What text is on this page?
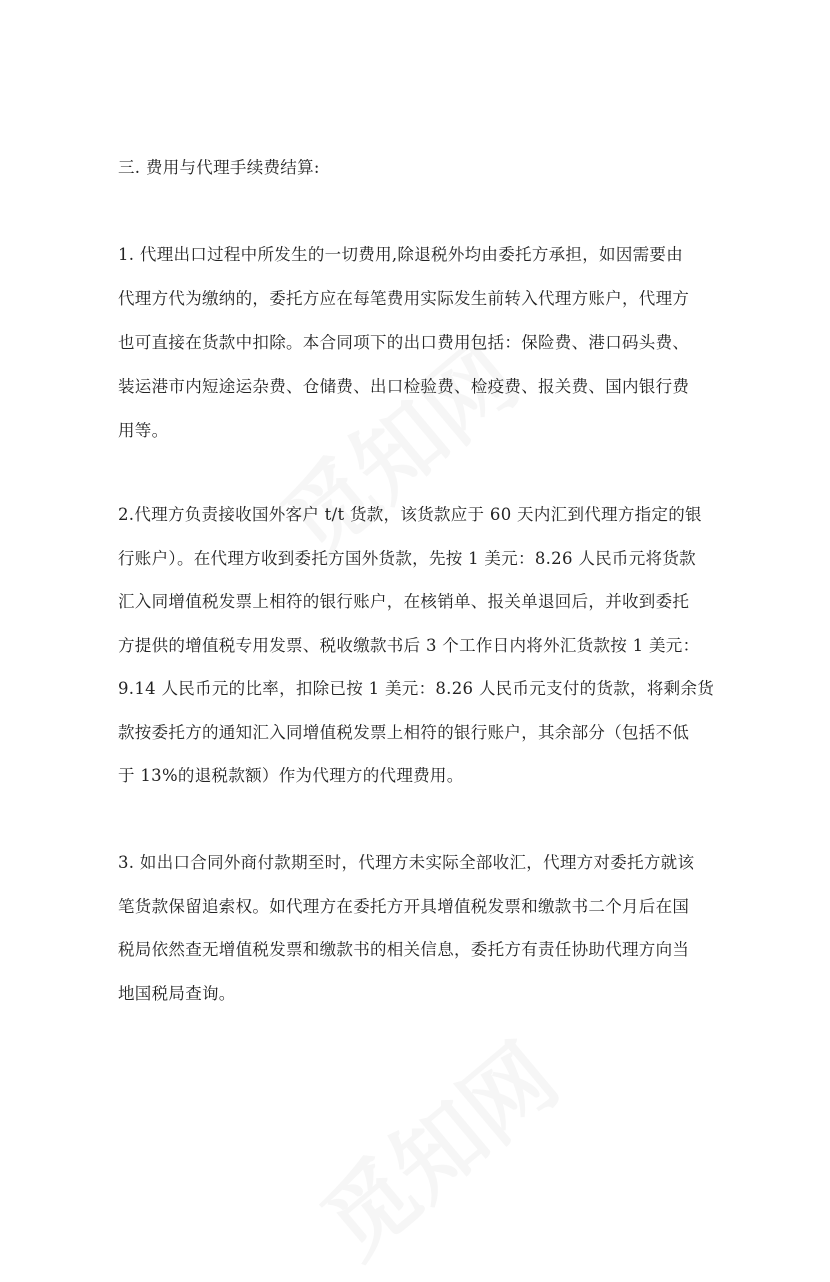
三. 费用与代理手续费结算:
1. 代理出口过程中所发生的一切费用,除退税外均由委托方承担，如因需要由
代理方代为缴纳的，委托方应在每笔费用实际发生前转入代理方账户，代理方
也可直接在货款中扣除。本合同项下的出口费用包括：保险费、港口码头费、
装运港市内短途运杂费、仓储费、出口检验费、检疫费、报关费、国内银行费
用等。
2.代理方负责接收国外客户 t/t 货款，该货款应于 60 天内汇到代理方指定的银
行账户）。在代理方收到委托方国外货款，先按 1 美元：8.26 人民币元将货款
汇入同增值税发票上相符的银行账户，在核销单、报关单退回后，并收到委托
方提供的增值税专用发票、税收缴款书后 3 个工作日内将外汇货款按 1 美元：
9.14 人民币元的比率，扣除已按 1 美元：8.26 人民币元支付的货款，将剩余货
款按委托方的通知汇入同增值税发票上相符的银行账户，其余部分（包括不低
于 13%的退税款额）作为代理方的代理费用。
3. 如出口合同外商付款期至时，代理方未实际全部收汇，代理方对委托方就该
笔货款保留追索权。如代理方在委托方开具增值税发票和缴款书二个月后在国
税局依然查无增值税发票和缴款书的相关信息，委托方有责任协助代理方向当
地国税局查询。
